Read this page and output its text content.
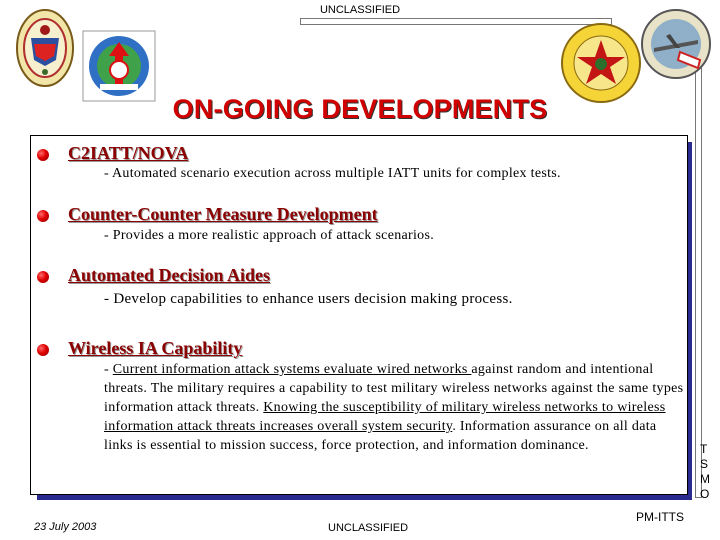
UNCLASSIFIED
ON-GOING DEVELOPMENTS
C2IATT/NOVA
- Automated scenario execution across multiple IATT units for complex tests.
Counter-Counter Measure Development
- Provides a more realistic approach of attack scenarios.
Automated Decision Aides
- Develop capabilities to enhance users decision making process.
Wireless IA Capability
- Current information attack systems evaluate wired networks against random and intentional threats. The military requires a capability to test military wireless networks against the same types information attack threats. Knowing the susceptibility of military wireless networks to wireless information attack threats increases overall system security. Information assurance on all data links is essential to mission success, force protection, and information dominance.
23 July 2003	UNCLASSIFIED
PM-ITTS
T
S
M
O
